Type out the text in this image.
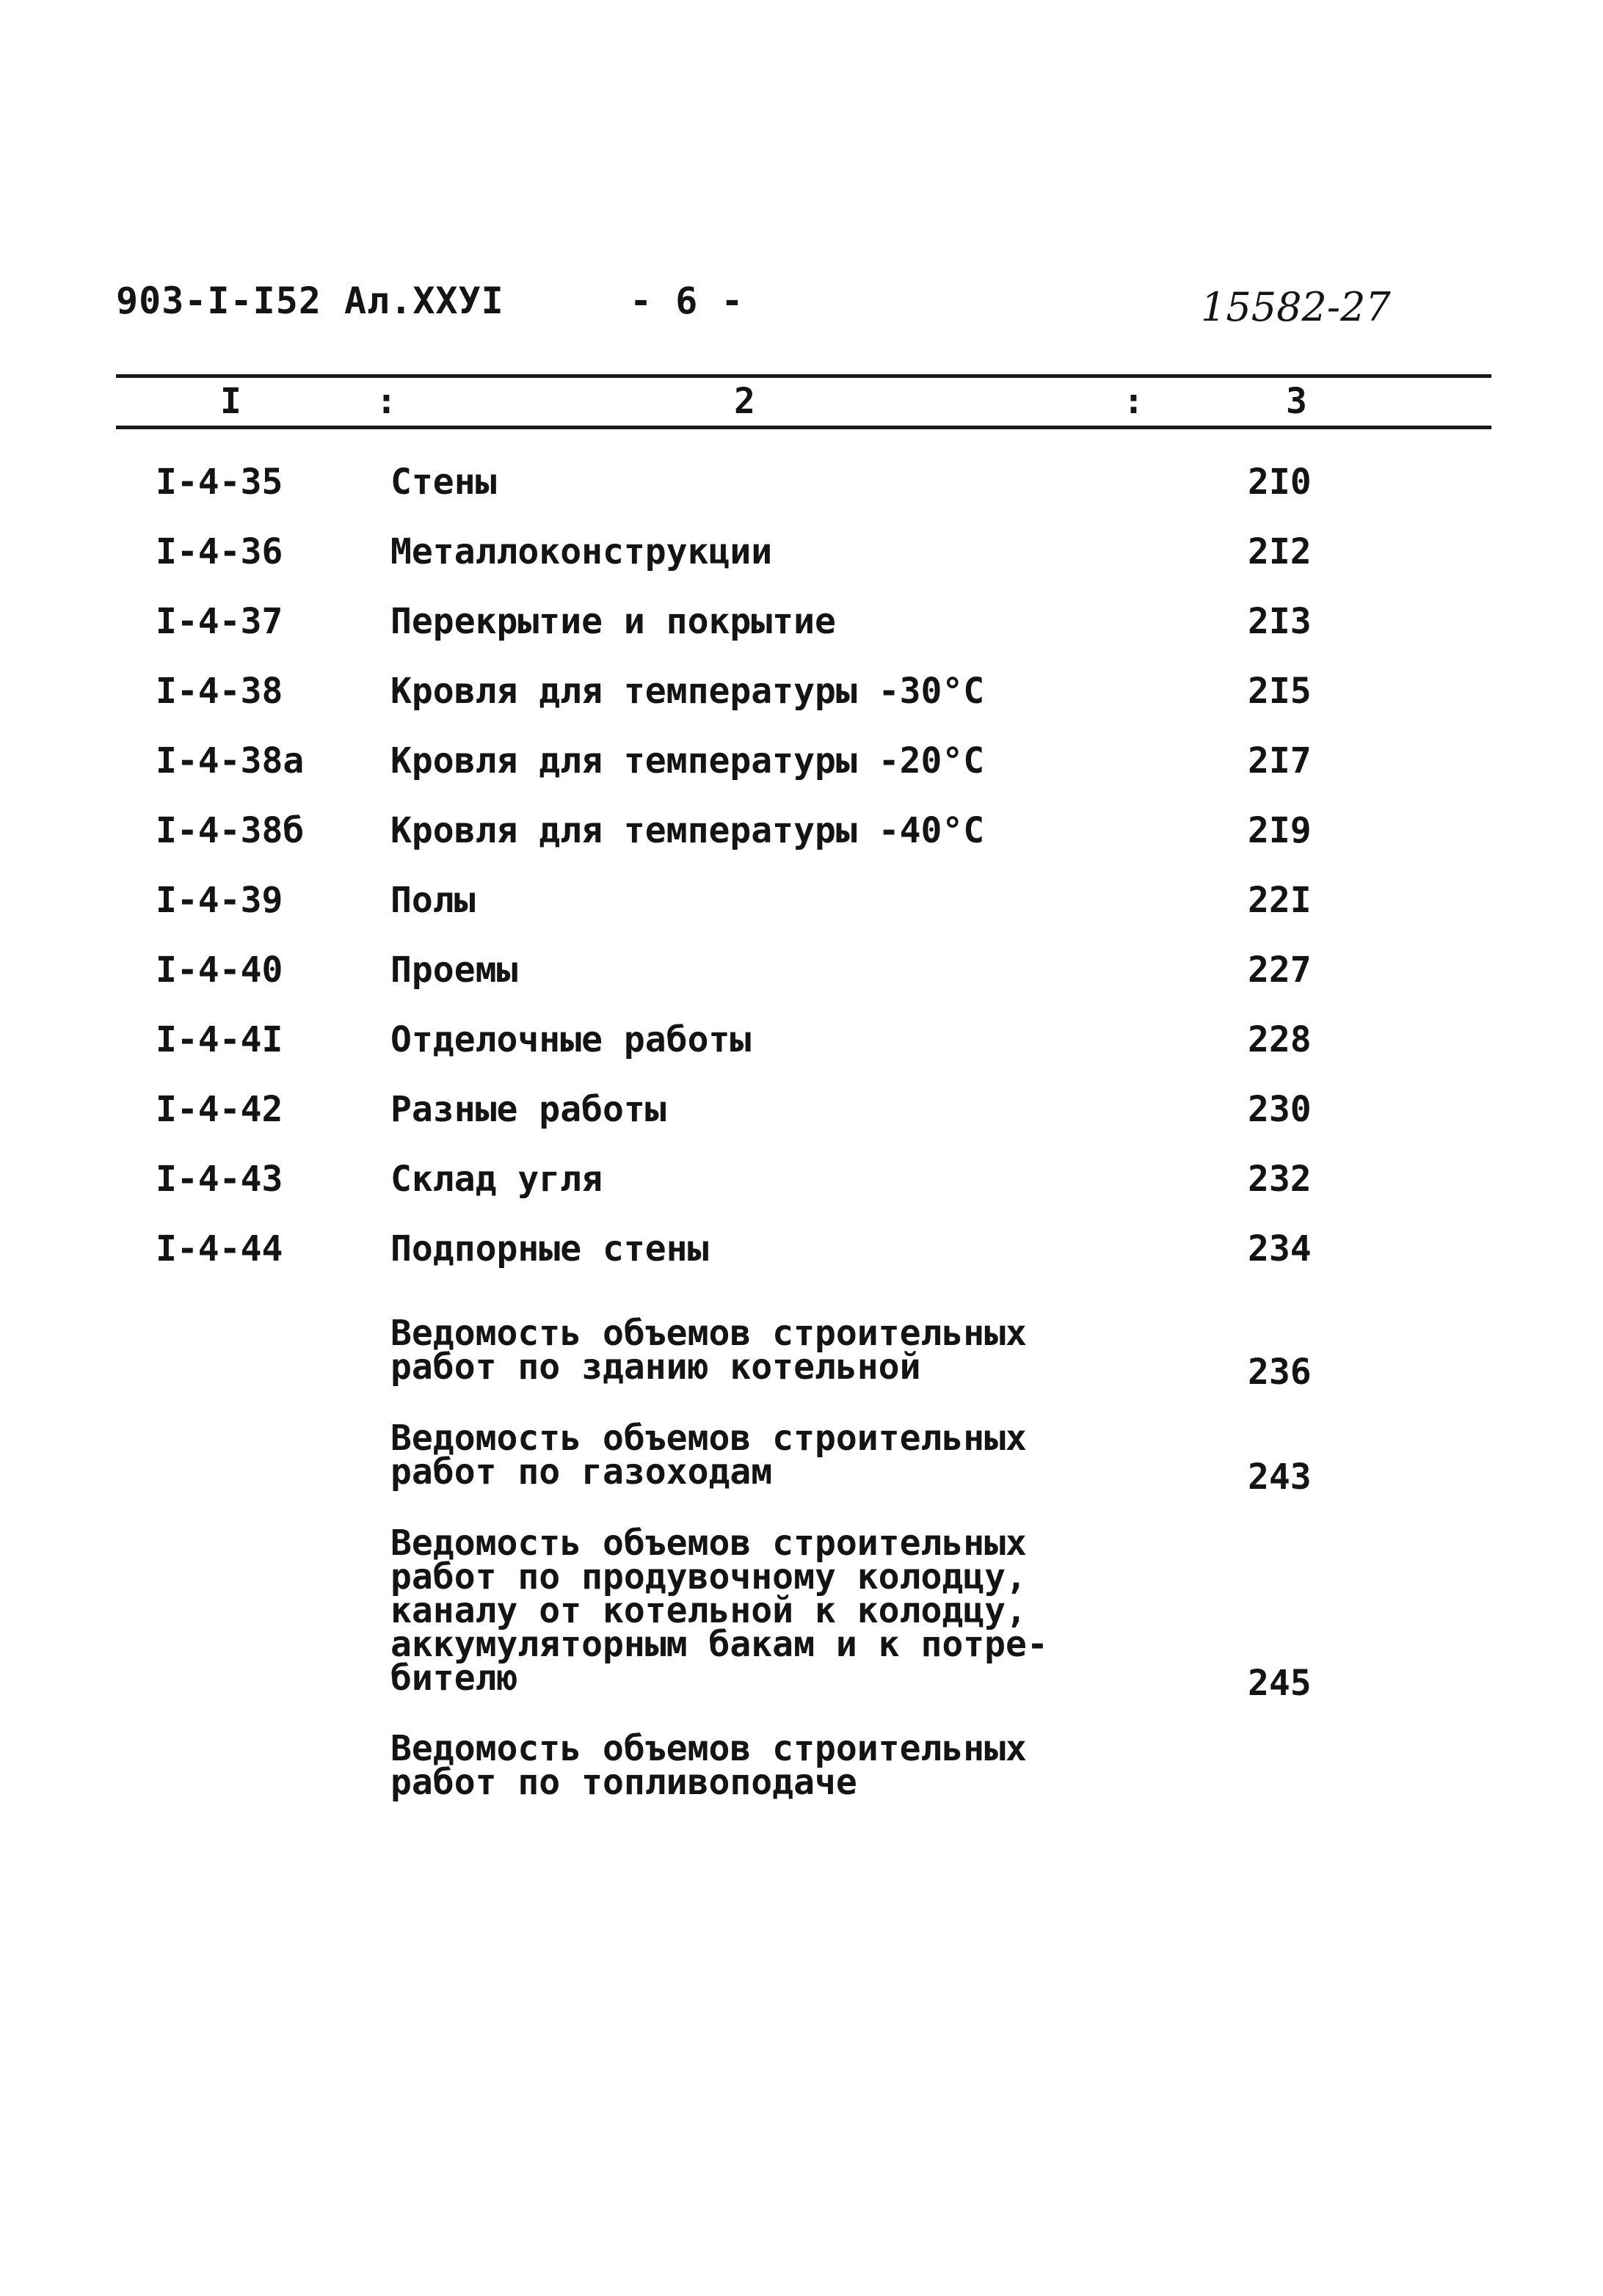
903-I-I52 Ал.XXУI	- 6 -	15582-27
I	:	2	:	3
I-4-35	Стены	2I0
I-4-36	Металлоконструкции	2I2
I-4-37	Перекрытие и покрытие	2I3
I-4-38	Кровля для температуры -30°C	2I5
I-4-38а Кровля для температуры -20°C	2I7
I-4-38б Кровля для температуры -40°C	2I9
I-4-39	Полы	22I
I-4-40	Проемы	227
I-4-4I	Отделочные работы	228
I-4-42	Разные работы	230
I-4-43	Склад угля	232
I-4-44	Подпорные стены	234
Ведомость объемов строительных
работ по зданию котельной	236
Ведомость объемов строительных
работ по газоходам	243
Ведомость объемов строительных
работ по продувочному колодцу,
каналу от котельной к колодцу,
аккумуляторным бакам и к потре-
бителю	245
Ведомость объемов строительных
работ по топливоподаче
